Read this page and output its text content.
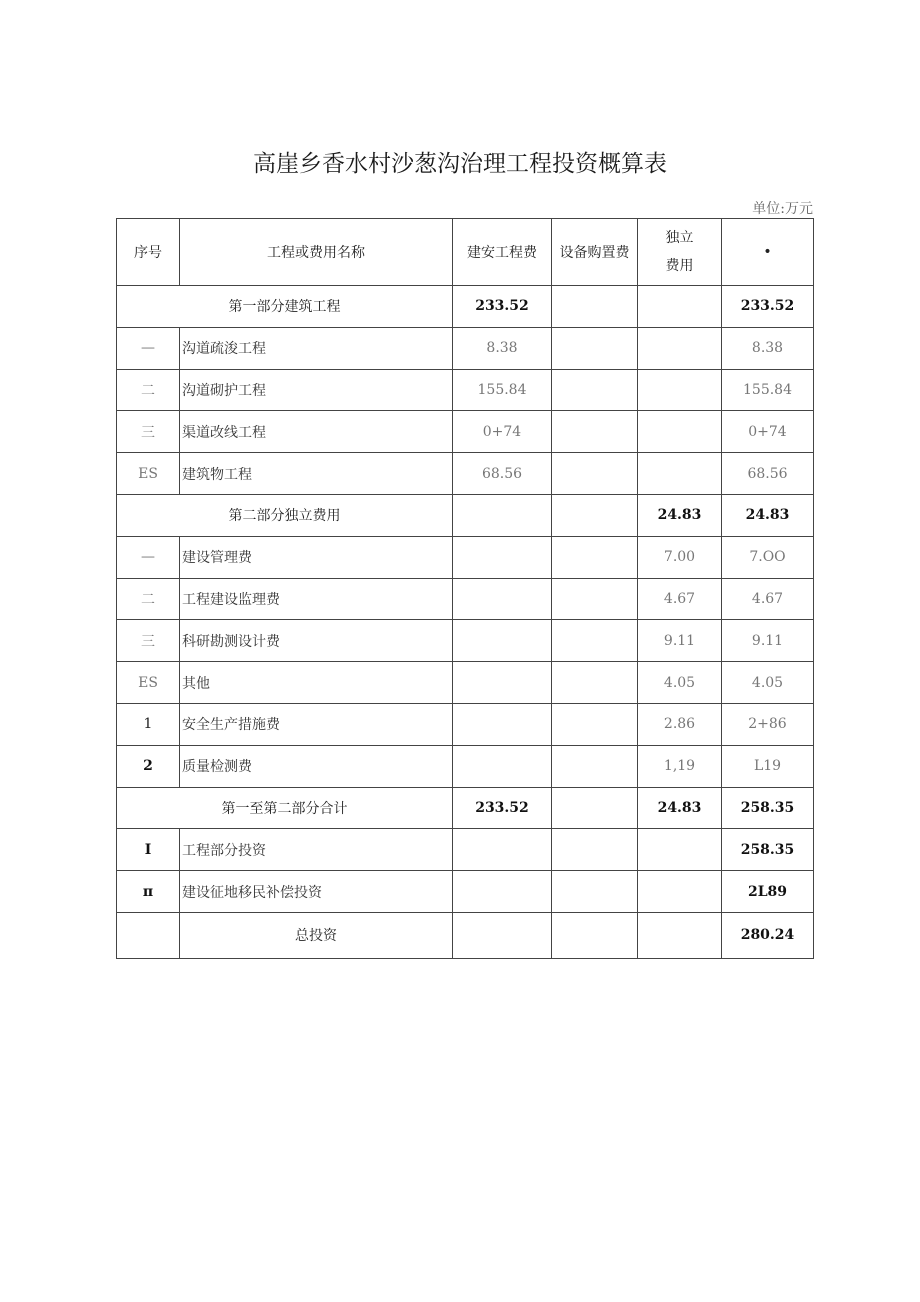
高崖乡香水村沙葱沟治理工程投资概算表
单位:万元
序号	工程或费用名称	建安工程费	设备购置费	独立
费用	•
第一部分建筑工程		233.52			233.52
—	沟道疏浚工程	8.38			8.38
二	沟道砌护工程	155.84			155.84
三	渠道改线工程	0+74			0+74
ES	建筑物工程	68.56			68.56
第二部分独立费用				24.83	24.83
—	建设管理费			7.00	7.OO
二	工程建设监理费			4.67	4.67
三	科研勘测设计费			9.11	9.11
ES	其他			4.05	4.05
1	安全生产措施费			2.86	2+86
2	质量检测费			1,19	L19
第一至第二部分合计		233.52		24.83	258.35
I	工程部分投资				258.35
π	建设征地移民补偿投资				2L89
	总投资				280.24
